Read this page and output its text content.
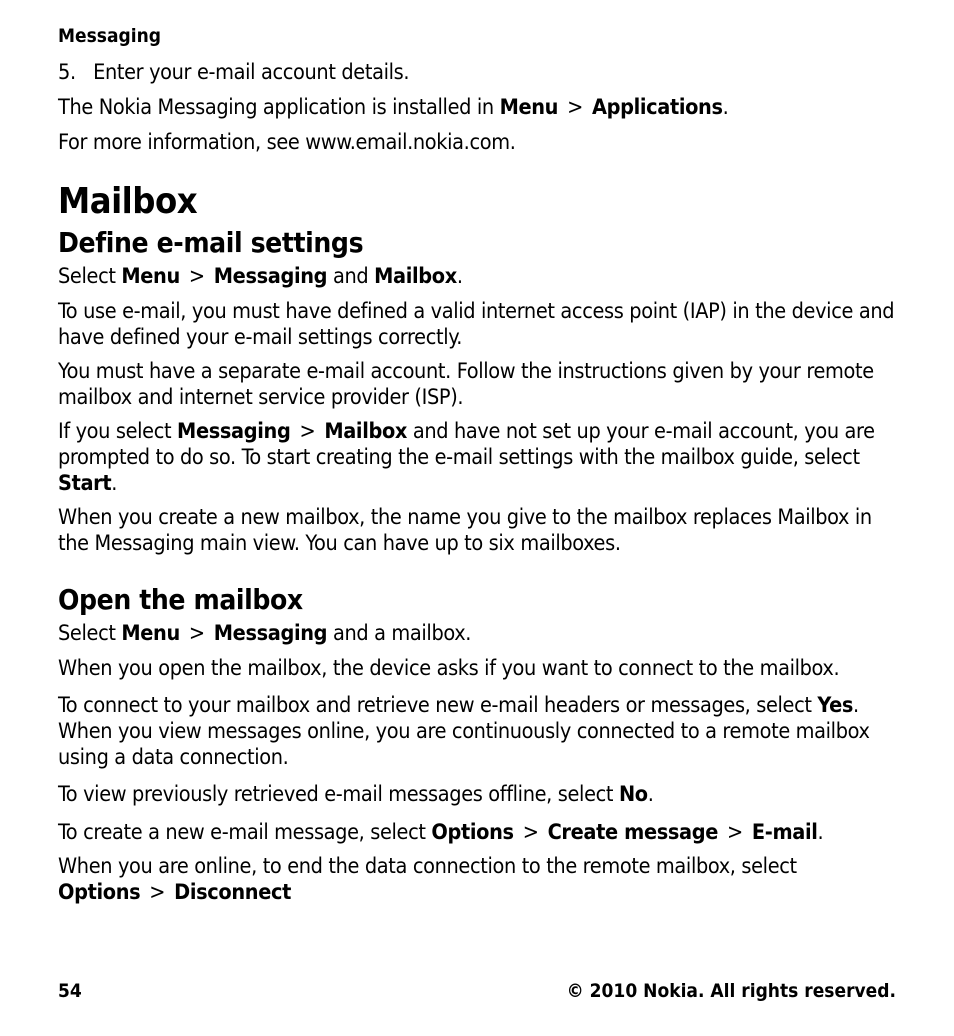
Messaging
5.   Enter your e-mail account details.
The Nokia Messaging application is installed in Menu > Applications.
For more information, see www.email.nokia.com.
Mailbox
Define e-mail settings
Select Menu > Messaging and Mailbox.
To use e-mail, you must have defined a valid internet access point (IAP) in the device and have defined your e-mail settings correctly.
You must have a separate e-mail account. Follow the instructions given by your remote mailbox and internet service provider (ISP).
If you select Messaging > Mailbox and have not set up your e-mail account, you are prompted to do so. To start creating the e-mail settings with the mailbox guide, select Start.
When you create a new mailbox, the name you give to the mailbox replaces Mailbox in the Messaging main view. You can have up to six mailboxes.
Open the mailbox
Select Menu > Messaging and a mailbox.
When you open the mailbox, the device asks if you want to connect to the mailbox.
To connect to your mailbox and retrieve new e-mail headers or messages, select Yes. When you view messages online, you are continuously connected to a remote mailbox using a data connection.
To view previously retrieved e-mail messages offline, select No.
To create a new e-mail message, select Options > Create message > E-mail.
When you are online, to end the data connection to the remote mailbox, select Options > Disconnect
54	© 2010 Nokia. All rights reserved.
